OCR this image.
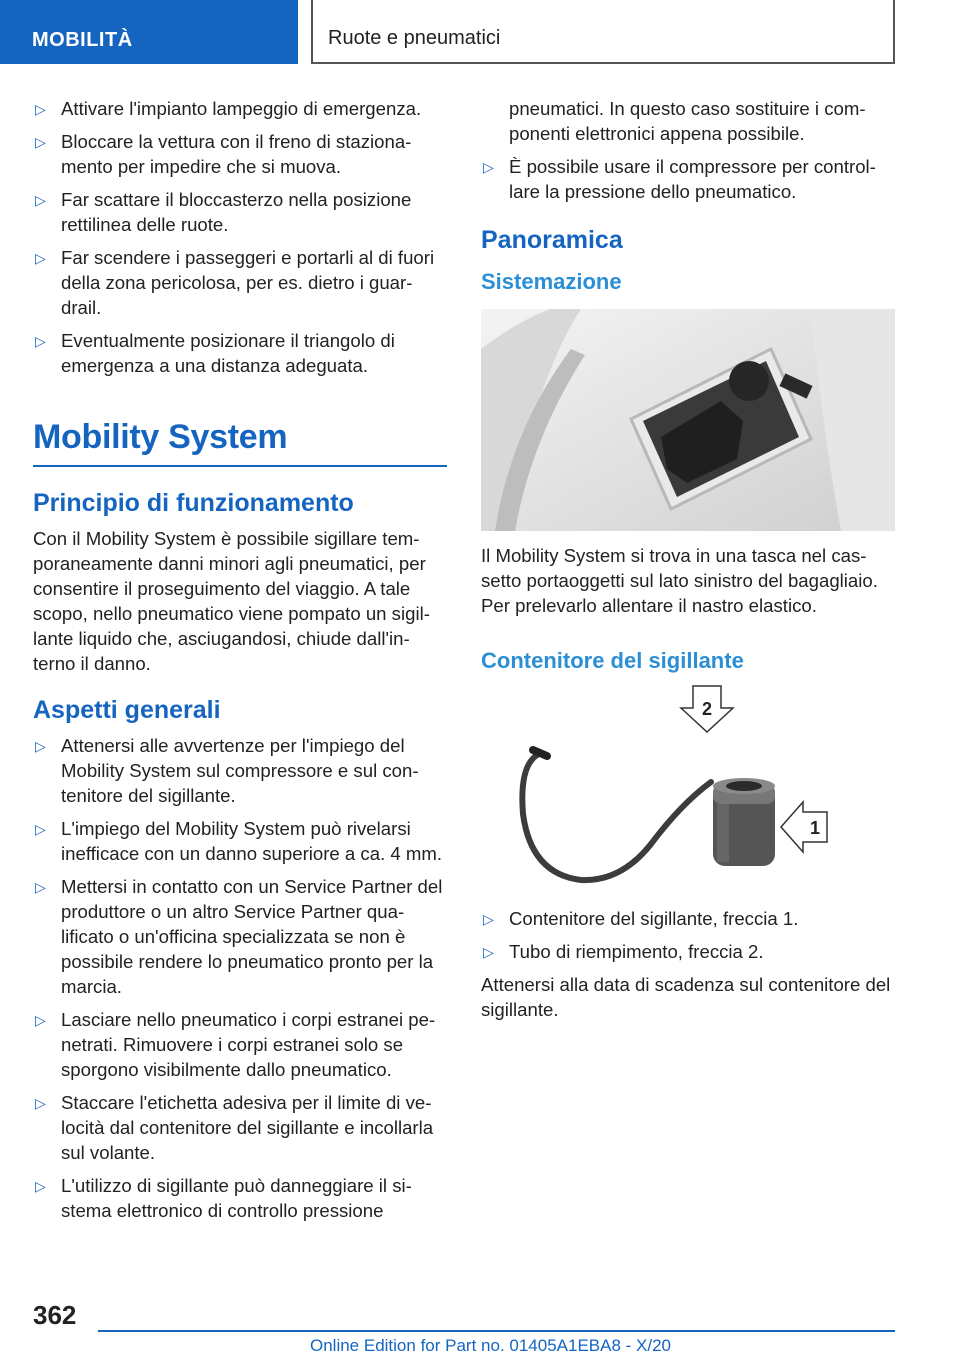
MOBILITÀ	Ruote e pneumatici
▷ Attivare l'impianto lampeggio di emergenza.
▷ Bloccare la vettura con il freno di staziona-mento per impedire che si muova.
▷ Far scattare il bloccasterzo nella posizione rettilinea delle ruote.
▷ Far scendere i passeggeri e portarli al di fuori della zona pericolosa, per es. dietro i guar-drail.
▷ Eventualmente posizionare il triangolo di emergenza a una distanza adeguata.
Mobility System
Principio di funzionamento

Con il Mobility System è possibile sigillare tem-poraneamente danni minori agli pneumatici, per consentire il proseguimento del viaggio. A tale scopo, nello pneumatico viene pompato un sigil-lante liquido che, asciugandosi, chiude dall'in-terno il danno.

Aspetti generali
▷ Attenersi alle avvertenze per l'impiego del Mobility System sul compressore e sul con-tenitore del sigillante.
▷ L'impiego del Mobility System può rivelarsi inefficace con un danno superiore a ca. 4 mm.
▷ Mettersi in contatto con un Service Partner del produttore o un altro Service Partner qua-lificato o un'officina specializzata se non è possibile rendere lo pneumatico pronto per la marcia.
▷ Lasciare nello pneumatico i corpi estranei pe-netrati. Rimuovere i corpi estranei solo se sporgono visibilmente dallo pneumatico.
▷ Staccare l'etichetta adesiva per il limite di ve-locità dal contenitore del sigillante e incollarla sul volante.
▷ L'utilizzo di sigillante può danneggiare il si-stema elettronico di controllo pressione

pneumatici. In questo caso sostituire i com-ponenti elettronici appena possibile.

▷ È possibile usare il compressore per control-lare la pressione dello pneumatico.
Panoramica
Sistemazione

Il Mobility System si trova in una tasca nel cas-setto portaoggetti sul lato sinistro del bagagliaio. Per prelevarlo allentare il nastro elastico.

Contenitore del sigillante
2
1
▷ Contenitore del sigillante, freccia 1.
▷ Tubo di riempimento, freccia 2.

Attenersi alla data di scadenza sul contenitore del sigillante.

362
Online Edition for Part no. 01405A1EBA8 - X/20
